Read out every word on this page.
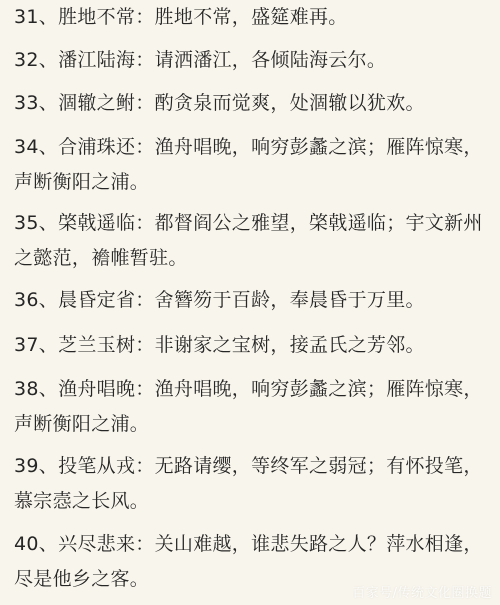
31、胜地不常：胜地不常，盛筵难再。
32、潘江陆海：请洒潘江，各倾陆海云尔。
33、涸辙之鲋：酌贪泉而觉爽，处涸辙以犹欢。
34、合浦珠还：渔舟唱晚，响穷彭蠡之滨；雁阵惊寒，声断衡阳之浦。
35、棨戟遥临：都督阎公之雅望，棨戟遥临；宇文新州之懿范，襜帷暂驻。
36、晨昏定省：舍簪笏于百龄，奉晨昏于万里。
37、芝兰玉树：非谢家之宝树，接孟氏之芳邻。
38、渔舟唱晚：渔舟唱晚，响穷彭蠡之滨；雁阵惊寒，声断衡阳之浦。
39、投笔从戎：无路请缨，等终军之弱冠；有怀投笔，慕宗悫之长风。
40、兴尽悲来：关山难越，谁悲失路之人？萍水相逢，尽是他乡之客。
百家号/传统文化圈换题
